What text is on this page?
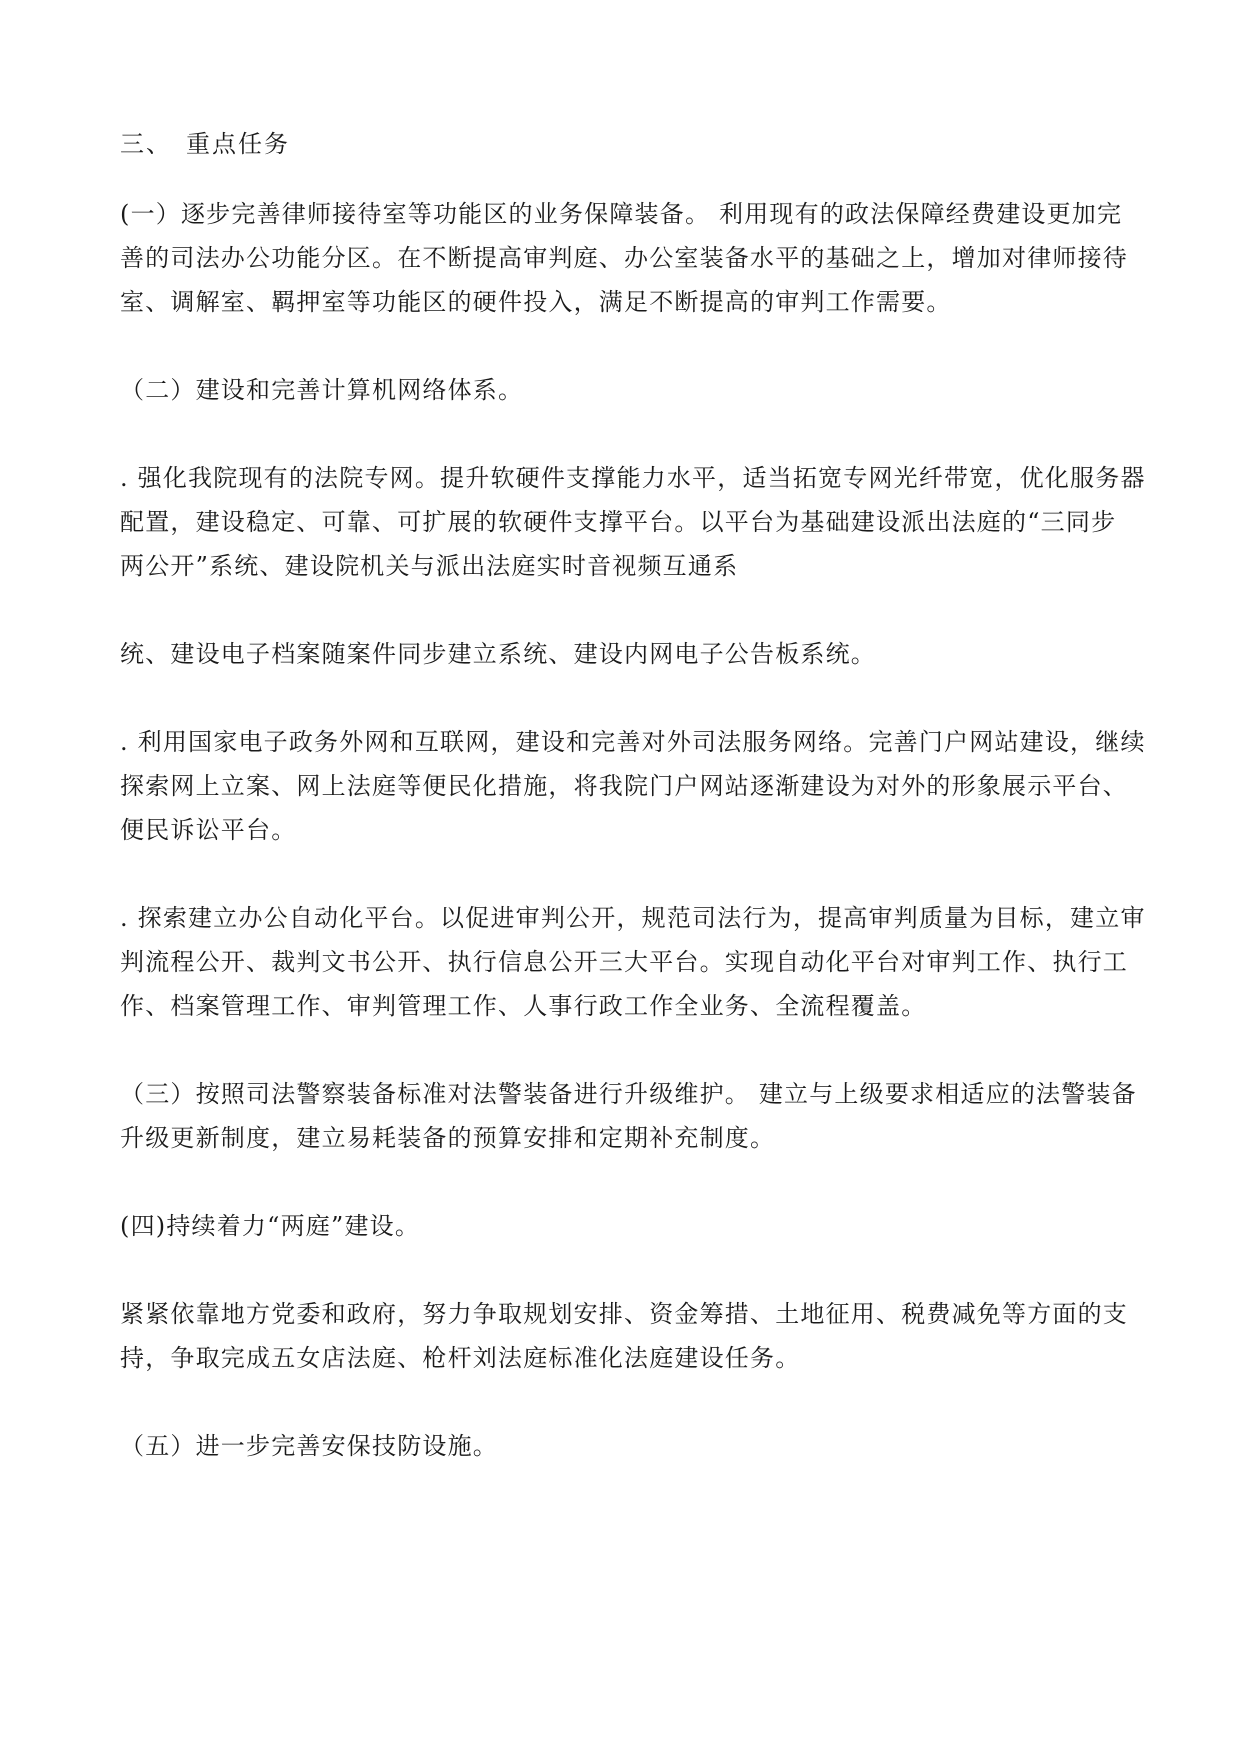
三、　重点任务
(一）逐步完善律师接待室等功能区的业务保障装备。 利用现有的政法保障经费建设更加完
善的司法办公功能分区。在不断提高审判庭、办公室装备水平的基础之上，增加对律师接待
室、调解室、羁押室等功能区的硬件投入，满足不断提高的审判工作需要。
（二）建设和完善计算机网络体系。
. 强化我院现有的法院专网。提升软硬件支撑能力水平，适当拓宽专网光纤带宽，优化服务器
配置，建设稳定、可靠、可扩展的软硬件支撑平台。以平台为基础建设派出法庭的“三同步
两公开”系统、建设院机关与派出法庭实时音视频互通系
统、建设电子档案随案件同步建立系统、建设内网电子公告板系统。
. 利用国家电子政务外网和互联网，建设和完善对外司法服务网络。完善门户网站建设，继续
探索网上立案、网上法庭等便民化措施，将我院门户网站逐渐建设为对外的形象展示平台、
便民诉讼平台。
. 探索建立办公自动化平台。以促进审判公开，规范司法行为，提高审判质量为目标，建立审
判流程公开、裁判文书公开、执行信息公开三大平台。实现自动化平台对审判工作、执行工
作、档案管理工作、审判管理工作、人事行政工作全业务、全流程覆盖。
（三）按照司法警察装备标准对法警装备进行升级维护。 建立与上级要求相适应的法警装备
升级更新制度，建立易耗装备的预算安排和定期补充制度。
(四)持续着力“两庭”建设。
紧紧依靠地方党委和政府，努力争取规划安排、资金筹措、土地征用、税费减免等方面的支
持，争取完成五女店法庭、枪杆刘法庭标准化法庭建设任务。
（五）进一步完善安保技防设施。
